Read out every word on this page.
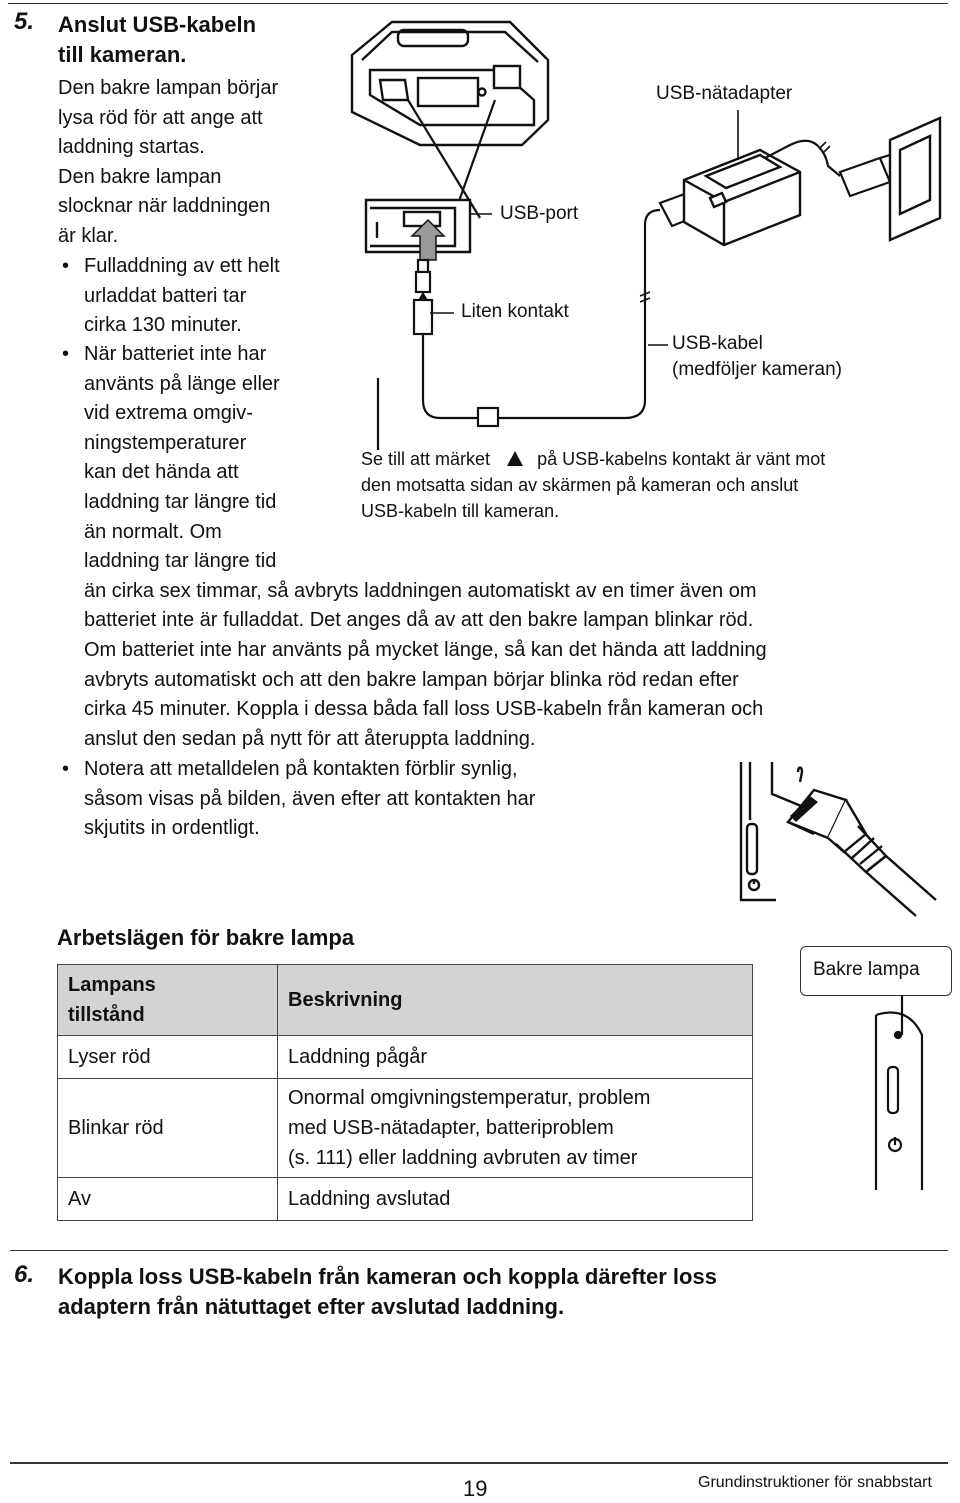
5. Anslut USB-kabeln
till kameran.
Den bakre lampan börjar
lysa röd för att ange att
laddning startas.
Den bakre lampan
slocknar när laddningen
är klar.
• Fulladdning av ett helt
urladdat batteri tar
cirka 130 minuter.
• När batteriet inte har
använts på länge eller
vid extrema omgiv-
ningstemperaturer
kan det hända att
laddning tar längre tid
än normalt. Om
laddning tar längre tid
än cirka sex timmar, så avbryts laddningen automatiskt av en timer även om
batteriet inte är fulladdat. Det anges då av att den bakre lampan blinkar röd.
Om batteriet inte har använts på mycket länge, så kan det hända att laddning
avbryts automatiskt och att den bakre lampan börjar blinka röd redan efter
cirka 45 minuter. Koppla i dessa båda fall loss USB-kabeln från kameran och
anslut den sedan på nytt för att återuppta laddning.
• Notera att metalldelen på kontakten förblir synlig,
såsom visas på bilden, även efter att kontakten har
skjutits in ordentligt.
USB-nätadapter
USB-port
Liten kontakt
USB-kabel
(medföljer kameran)
Se till att märket	på USB-kabelns kontakt är vänt mot
den motsatta sidan av skärmen på kameran och anslut
USB-kabeln till kameran.
Arbetslägen för bakre lampa
Lampans
tillstånd	Beskrivning
Lyser röd	Laddning pågår
Blinkar röd	Onormal omgivningstemperatur, problem
med USB-nätadapter, batteriproblem
(s. 111) eller laddning avbruten av timer

Av	Laddning avslutad
Bakre lampa
6. Koppla loss USB-kabeln från kameran och koppla därefter loss
adaptern från nätuttaget efter avslutad laddning.
19	Grundinstruktioner för snabbstart
